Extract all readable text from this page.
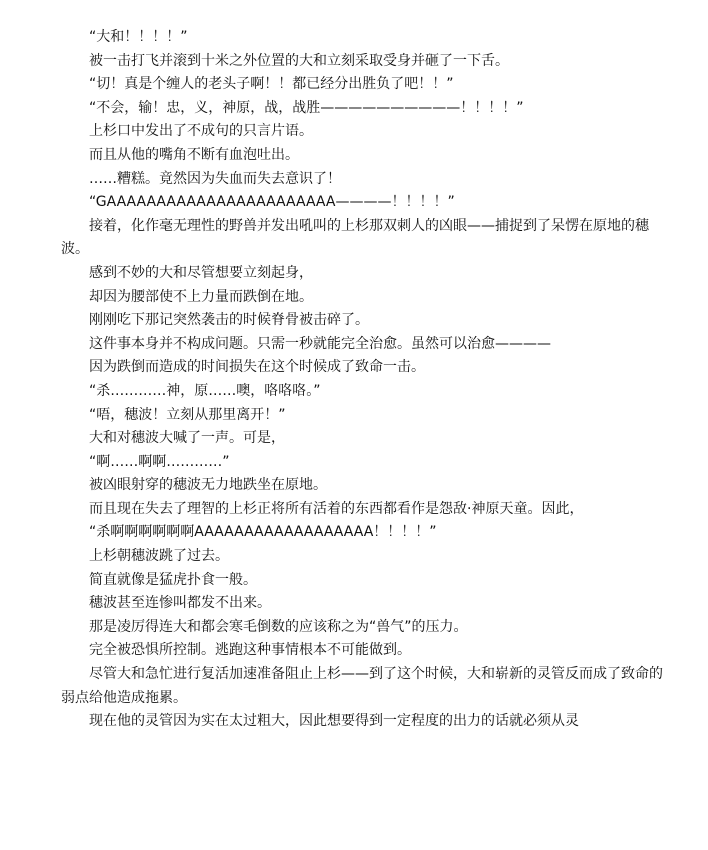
“大和！！！！”

被一击打飞并滚到十米之外位置的大和立刻采取受身并砸了一下舌。

“切！真是个缠人的老头子啊！！都已经分出胜负了吧！！”

“不会，输！忠，义，神原，战，战胜——————————！！！！”

上杉口中发出了不成句的只言片语。

而且从他的嘴角不断有血泡吐出。

……糟糕。竟然因为失血而失去意识了！

“GAAAAAAAAAAAAAAAAAAAAAAA————！！！！”

接着，化作毫无理性的野兽并发出吼叫的上杉那双刺人的凶眼——捕捉到了呆愣在原地的穗波。

感到不妙的大和尽管想要立刻起身，

却因为腰部使不上力量而跌倒在地。

刚刚吃下那记突然袭击的时候脊骨被击碎了。

这件事本身并不构成问题。只需一秒就能完全治愈。虽然可以治愈————

因为跌倒而造成的时间损失在这个时候成了致命一击。

“杀…………神，原……噢，咯咯咯。”

“唔，穗波！立刻从那里离开！”

大和对穗波大喊了一声。可是，

“啊……啊啊…………”

被凶眼射穿的穗波无力地跌坐在原地。

而且现在失去了理智的上杉正将所有活着的东西都看作是怨敌·神原天童。因此，

“杀啊啊啊啊啊啊AAAAAAAAAAAAAAAAAA！！！！”

上杉朝穗波跳了过去。

简直就像是猛虎扑食一般。

穗波甚至连惨叫都发不出来。

那是凌厉得连大和都会寒毛倒数的应该称之为“兽气”的压力。

完全被恐惧所控制。逃跑这种事情根本不可能做到。

尽管大和急忙进行复活加速准备阻止上杉——到了这个时候，大和崭新的灵管反而成了致命的弱点给他造成拖累。

现在他的灵管因为实在太过粗大，因此想要得到一定程度的出力的话就必须从灵
